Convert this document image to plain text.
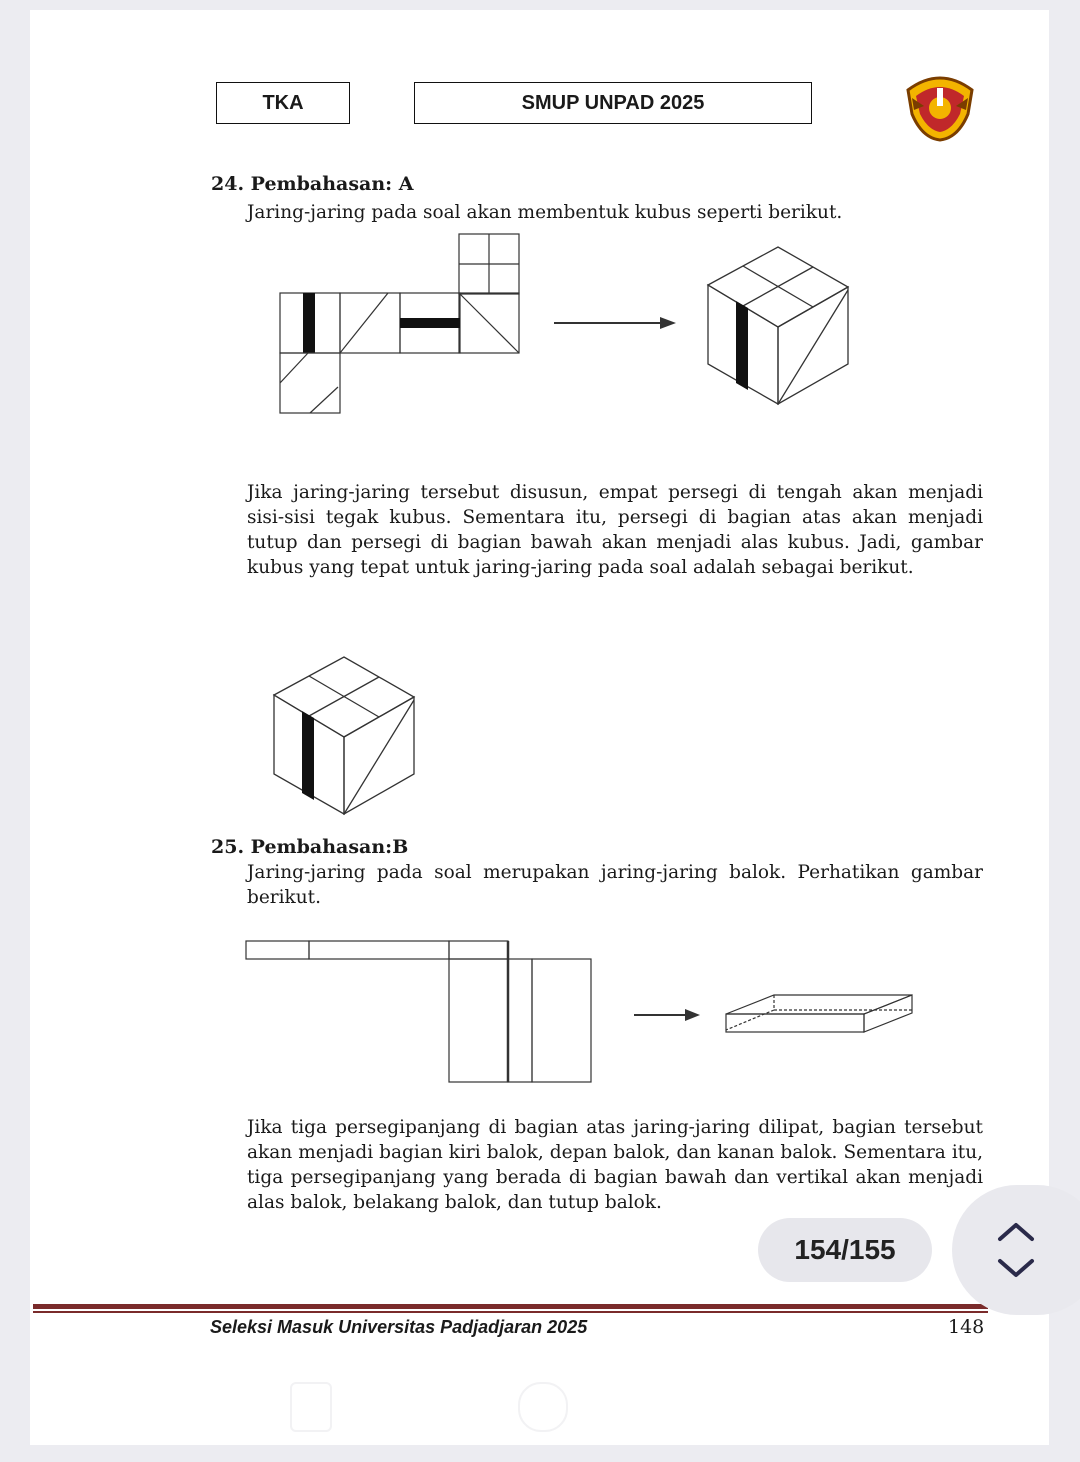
TKA	SMUP UNPAD 2025
24. Pembahasan: A
Jaring-jaring pada soal akan membentuk kubus seperti berikut.
Jika jaring-jaring tersebut disusun, empat persegi di tengah akan menjadi sisi-sisi tegak kubus. Sementara itu, persegi di bagian atas akan menjadi tutup dan persegi di bagian bawah akan menjadi alas kubus. Jadi, gambar kubus yang tepat untuk jaring-jaring pada soal adalah sebagai berikut.
25. Pembahasan:B
Jaring-jaring pada soal merupakan jaring-jaring balok. Perhatikan gambar berikut.
Jika tiga persegipanjang di bagian atas jaring-jaring dilipat, bagian tersebut akan menjadi bagian kiri balok, depan balok, dan kanan balok. Sementara itu, tiga persegipanjang yang berada di bagian bawah dan vertikal akan menjadi alas balok, belakang balok, dan tutup balok.
Seleksi Masuk Universitas Padjadjaran 2025	148
154/155
